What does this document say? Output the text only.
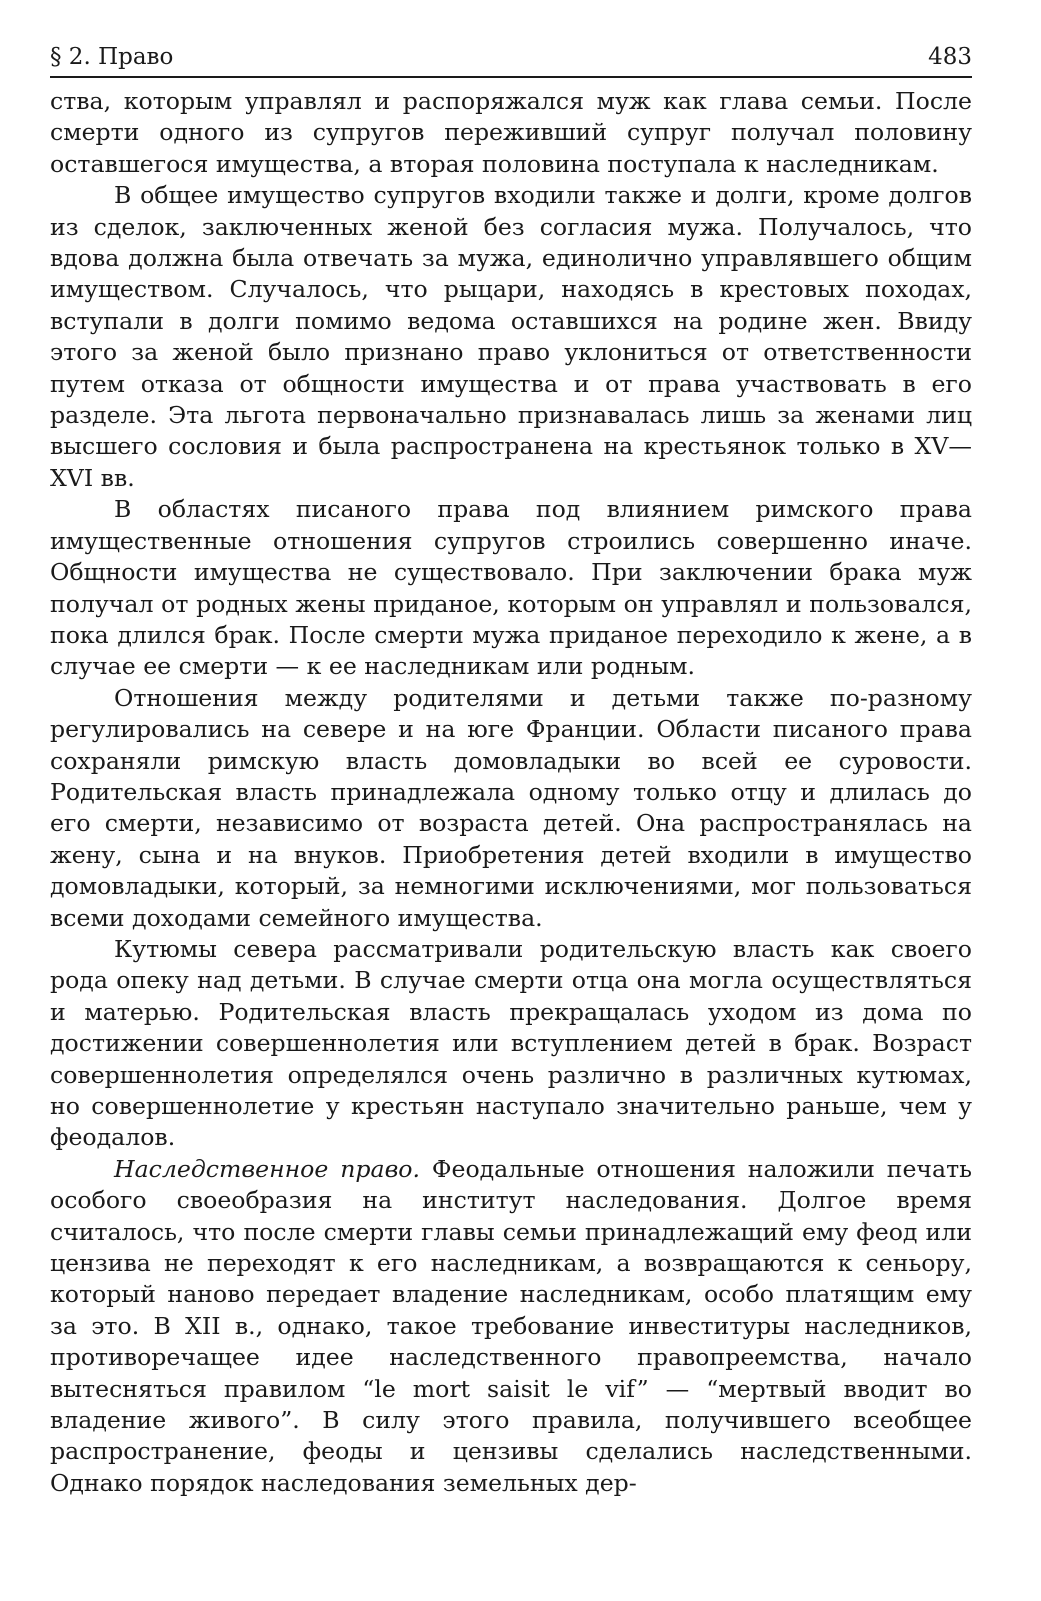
§ 2. Право	483

ства, которым управлял и распоряжался муж как глава семьи. После смерти одного из супругов переживший супруг получал половину оставшегося имущества, а вторая половина поступала к наследникам.

В общее имущество супругов входили также и долги, кроме долгов из сделок, заключенных женой без согласия мужа. Получалось, что вдова должна была отвечать за мужа, единолично управлявшего общим имуществом. Случалось, что рыцари, находясь в крестовых походах, вступали в долги помимо ведома оставшихся на родине жен. Ввиду этого за женой было признано право уклониться от ответственности путем отказа от общности имущества и от права участвовать в его разделе. Эта льгота первоначально признавалась лишь за женами лиц высшего сословия и была распространена на крестьянок только в XV—XVI вв.

В областях писаного права под влиянием римского права имущественные отношения супругов строились совершенно иначе. Общности имущества не существовало. При заключении брака муж получал от родных жены приданое, которым он управлял и пользовался, пока длился брак. После смерти мужа приданое переходило к жене, а в случае ее смерти — к ее наследникам или родным.

Отношения между родителями и детьми также по-разному регулировались на севере и на юге Франции. Области писаного права сохраняли римскую власть домовладыки во всей ее суровости. Родительская власть принадлежала одному только отцу и длилась до его смерти, независимо от возраста детей. Она распространялась на жену, сына и на внуков. Приобретения детей входили в имущество домовладыки, который, за немногими исключениями, мог пользоваться всеми доходами семейного имущества.

Кутюмы севера рассматривали родительскую власть как своего рода опеку над детьми. В случае смерти отца она могла осуществляться и матерью. Родительская власть прекращалась уходом из дома по достижении совершеннолетия или вступлением детей в брак. Возраст совершеннолетия определялся очень различно в различных кутюмах, но совершеннолетие у крестьян наступало значительно раньше, чем у феодалов.

Наследственное право. Феодальные отношения наложили печать особого своеобразия на институт наследования. Долгое время считалось, что после смерти главы семьи принадлежащий ему феод или цензива не переходят к его наследникам, а возвращаются к сеньору, который наново передает владение наследникам, особо платящим ему за это. В XII в., однако, такое требование инвеституры наследников, противоречащее идее наследственного правопреемства, начало вытесняться правилом “le mort saisit le vif” — “мертвый вводит во владение живого”. В силу этого правила, получившего всеобщее распространение, феоды и цензивы сделались наследственными. Однако порядок наследования земельных дер-
